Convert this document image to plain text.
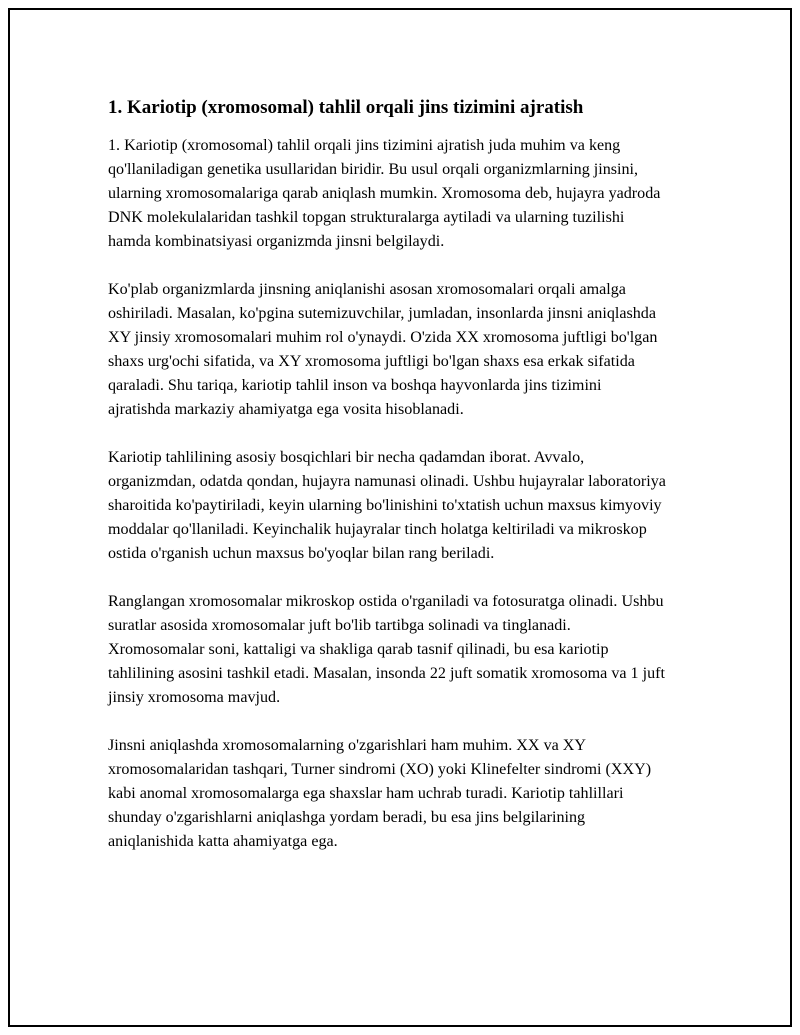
1. Kariotip (xromosomal) tahlil orqali jins tizimini ajratish

1. Kariotip (xromosomal) tahlil orqali jins tizimini ajratish juda muhim va keng qo'llaniladigan genetika usullaridan biridir. Bu usul orqali organizmlarning jinsini, ularning xromosomalariga qarab aniqlash mumkin. Xromosoma deb, hujayra yadroda DNK molekulalaridan tashkil topgan strukturalarga aytiladi va ularning tuzilishi hamda kombinatsiyasi organizmda jinsni belgilaydi.

Ko'plab organizmlarda jinsning aniqlanishi asosan xromosomalari orqali amalga oshiriladi. Masalan, ko'pgina sutemizuvchilar, jumladan, insonlarda jinsni aniqlashda XY jinsiy xromosomalari muhim rol o'ynaydi. O'zida XX xromosoma juftligi bo'lgan shaxs urg'ochi sifatida, va XY xromosoma juftligi bo'lgan shaxs esa erkak sifatida qaraladi. Shu tariqa, kariotip tahlil inson va boshqa hayvonlarda jins tizimini ajratishda markaziy ahamiyatga ega vosita hisoblanadi.

Kariotip tahlilining asosiy bosqichlari bir necha qadamdan iborat. Avvalo, organizmdan, odatda qondan, hujayra namunasi olinadi. Ushbu hujayralar laboratoriya sharoitida ko'paytiriladi, keyin ularning bo'linishini to'xtatish uchun maxsus kimyoviy moddalar qo'llaniladi. Keyinchalik hujayralar tinch holatga keltiriladi va mikroskop ostida o'rganish uchun maxsus bo'yoqlar bilan rang beriladi.

Ranglangan xromosomalar mikroskop ostida o'rganiladi va fotosuratga olinadi. Ushbu suratlar asosida xromosomalar juft bo'lib tartibga solinadi va tinglanadi. Xromosomalar soni, kattaligi va shakliga qarab tasnif qilinadi, bu esa kariotip tahlilining asosini tashkil etadi. Masalan, insonda 22 juft somatik xromosoma va 1 juft jinsiy xromosoma mavjud.

Jinsni aniqlashda xromosomalarning o'zgarishlari ham muhim. XX va XY xromosomalaridan tashqari, Turner sindromi (XO) yoki Klinefelter sindromi (XXY) kabi anomal xromosomalarga ega shaxslar ham uchrab turadi. Kariotip tahlillari shunday o'zgarishlarni aniqlashga yordam beradi, bu esa jins belgilarining aniqlanishida katta ahamiyatga ega.
